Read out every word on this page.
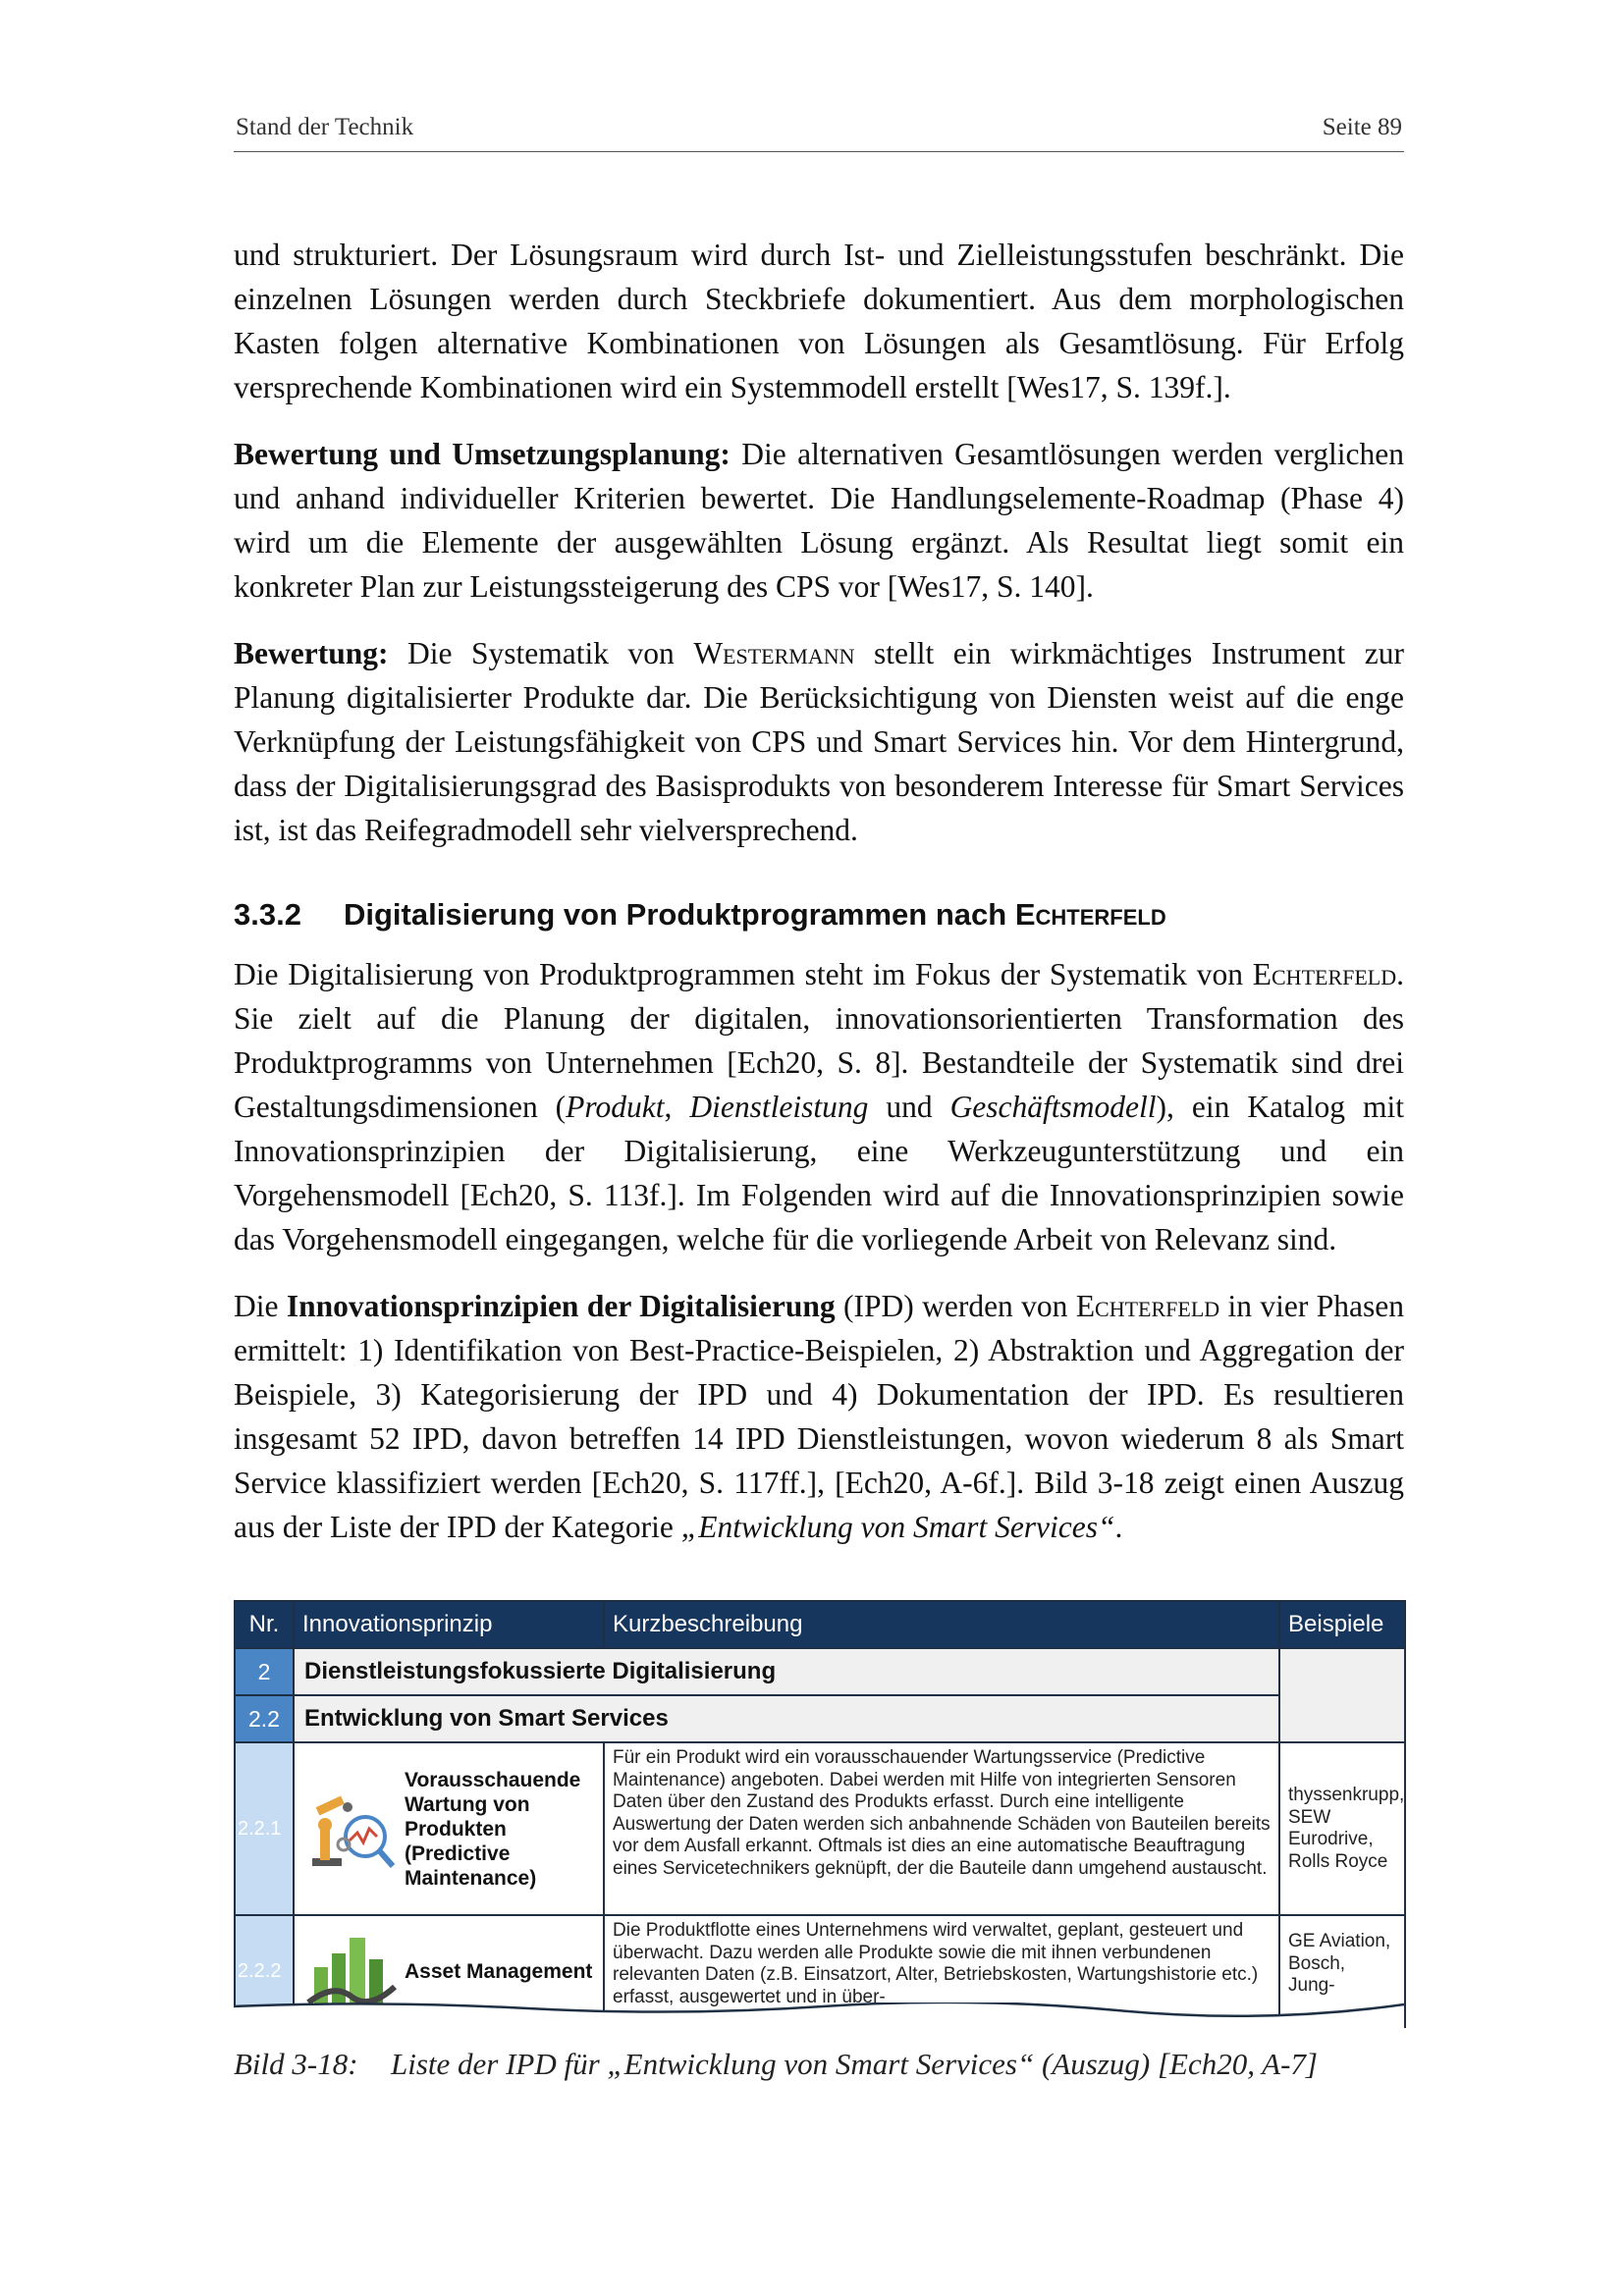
Stand der Technik	Seite 89

und strukturiert. Der Lösungsraum wird durch Ist- und Zielleistungsstufen beschränkt. Die einzelnen Lösungen werden durch Steckbriefe dokumentiert. Aus dem morphologischen Kasten folgen alternative Kombinationen von Lösungen als Gesamtlösung. Für Erfolg versprechende Kombinationen wird ein Systemmodell erstellt [Wes17, S. 139f.].

Bewertung und Umsetzungsplanung: Die alternativen Gesamtlösungen werden verglichen und anhand individueller Kriterien bewertet. Die Handlungselemente-Roadmap (Phase 4) wird um die Elemente der ausgewählten Lösung ergänzt. Als Resultat liegt somit ein konkreter Plan zur Leistungssteigerung des CPS vor [Wes17, S. 140].

Bewertung: Die Systematik von Westermann stellt ein wirkmächtiges Instrument zur Planung digitalisierter Produkte dar. Die Berücksichtigung von Diensten weist auf die enge Verknüpfung der Leistungsfähigkeit von CPS und Smart Services hin. Vor dem Hintergrund, dass der Digitalisierungsgrad des Basisprodukts von besonderem Interesse für Smart Services ist, ist das Reifegradmodell sehr vielversprechend.

3.3.2 Digitalisierung von Produktprogrammen nach Echterfeld

Die Digitalisierung von Produktprogrammen steht im Fokus der Systematik von Echterfeld. Sie zielt auf die Planung der digitalen, innovationsorientierten Transformation des Produktprogramms von Unternehmen [Ech20, S. 8]. Bestandteile der Systematik sind drei Gestaltungsdimensionen (Produkt, Dienstleistung und Geschäftsmodell), ein Katalog mit Innovationsprinzipien der Digitalisierung, eine Werkzeugunterstützung und ein Vorgehensmodell [Ech20, S. 113f.]. Im Folgenden wird auf die Innovationsprinzipien sowie das Vorgehensmodell eingegangen, welche für die vorliegende Arbeit von Relevanz sind.

Die Innovationsprinzipien der Digitalisierung (IPD) werden von Echterfeld in vier Phasen ermittelt: 1) Identifikation von Best-Practice-Beispielen, 2) Abstraktion und Aggregation der Beispiele, 3) Kategorisierung der IPD und 4) Dokumentation der IPD. Es resultieren insgesamt 52 IPD, davon betreffen 14 IPD Dienstleistungen, wovon wiederum 8 als Smart Service klassifiziert werden [Ech20, S. 117ff.], [Ech20, A-6f.]. Bild 3-18 zeigt einen Auszug aus der Liste der IPD der Kategorie „Entwicklung von Smart Services“.

Nr.	Innovationsprinzip	Kurzbeschreibung	Beispiele
2	Dienstleistungsfokussierte Digitalisierung		
2.2	Entwicklung von Smart Services		
2.2.1	Vorausschauende Wartung von Produkten (Predictive Maintenance)	Für ein Produkt wird ein vorausschauender Wartungsservice (Predictive Maintenance) angeboten. Dabei werden mit Hilfe von integrierten Sensoren Daten über den Zustand des Produkts erfasst. Durch eine intelligente Auswertung der Daten werden sich anbahnende Schäden von Bauteilen bereits vor dem Ausfall erkannt. Oftmals ist dies an eine automatische Beauftragung eines Servicetechnikers geknüpft, der die Bauteile dann umgehend austauscht.	thyssenkrupp, SEW Eurodrive, Rolls Royce
2.2.2	Asset Management	Die Produktflotte eines Unternehmens wird verwaltet, geplant, gesteuert und überwacht. Dazu werden alle Produkte sowie die mit ihnen verbundenen relevanten Daten (z.B. Einsatzort, Alter, Betriebskosten, Wartungshistorie etc.) erfasst, ausgewertet und in über-	GE Aviation, Bosch, Jung-
Bild 3-18: Liste der IPD für „Entwicklung von Smart Services“ (Auszug) [Ech20, A-7]
